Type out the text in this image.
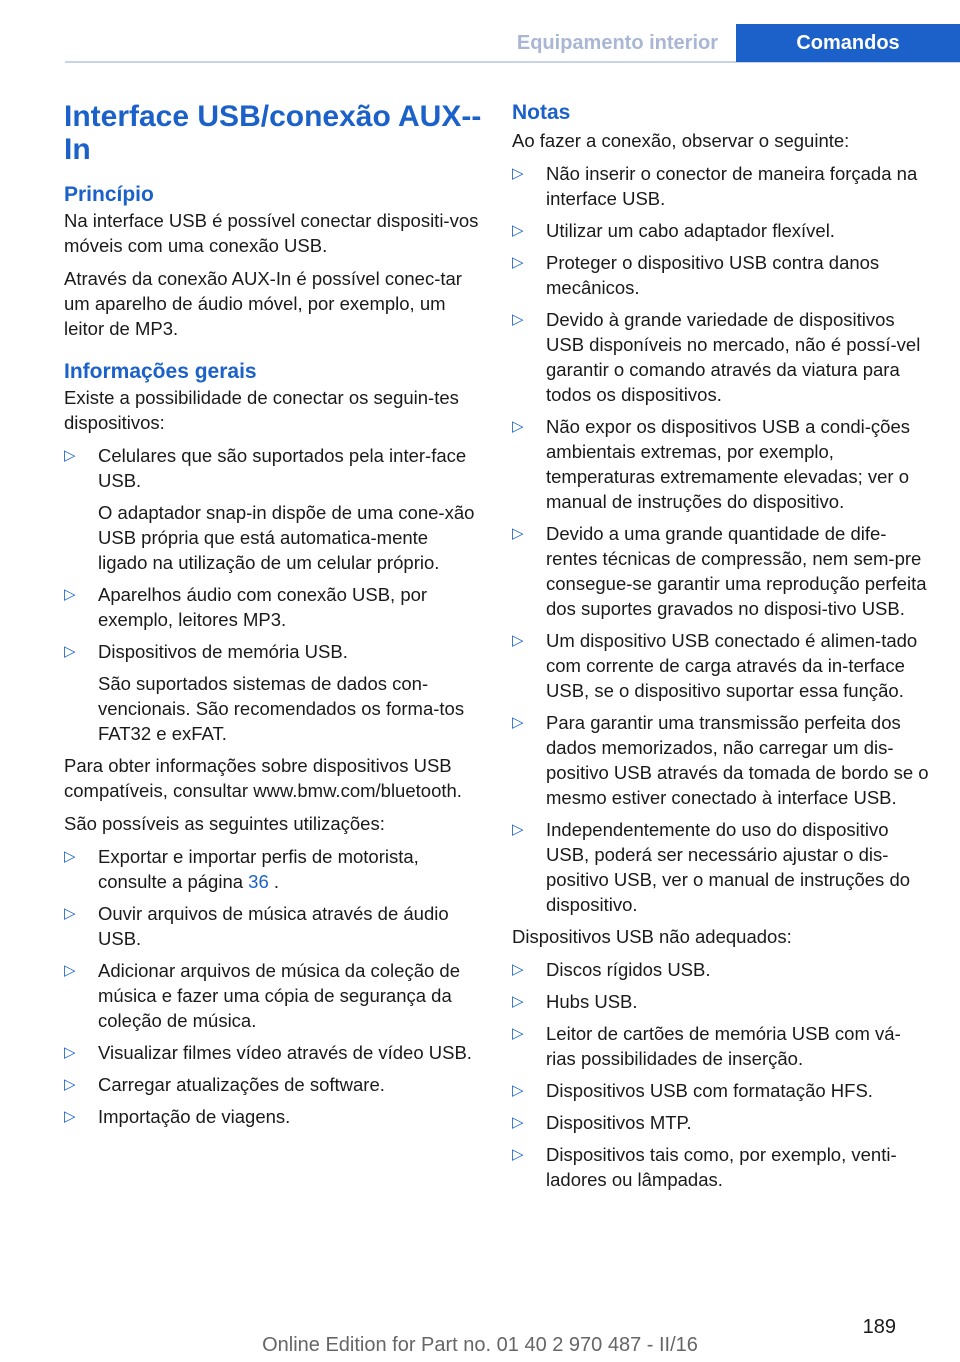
Equipamento interior	Comandos
Interface USB/conexão AUX--In
Princípio

Na interface USB é possível conectar dispositi‐vos móveis com uma conexão USB.

Através da conexão AUX-In é possível conec‐tar um aparelho de áudio móvel, por exemplo, um leitor de MP3.

Informações gerais

Existe a possibilidade de conectar os seguin‐tes dispositivos:

▷ Celulares que são suportados pela inter‐face USB.
O adaptador snap-in dispõe de uma cone‐xão USB própria que está automatica‐mente ligado na utilização de um celular próprio.
▷ Aparelhos áudio com conexão USB, por exemplo, leitores MP3.
▷ Dispositivos de memória USB.
São suportados sistemas de dados con‐vencionais. São recomendados os forma‐tos FAT32 e exFAT.

Para obter informações sobre dispositivos USB compatíveis, consultar www.bmw.com/bluetooth.

São possíveis as seguintes utilizações:

▷ Exportar e importar perfis de motorista, consulte a página 36 .
▷ Ouvir arquivos de música através de áudio USB.
▷ Adicionar arquivos de música da coleção de música e fazer uma cópia de segurança da coleção de música.
▷ Visualizar filmes vídeo através de vídeo USB.
▷ Carregar atualizações de software.
▷ Importação de viagens.
Notas

Ao fazer a conexão, observar o seguinte:

▷ Não inserir o conector de maneira forçada na interface USB.
▷ Utilizar um cabo adaptador flexível.
▷ Proteger o dispositivo USB contra danos mecânicos.
▷ Devido à grande variedade de dispositivos USB disponíveis no mercado, não é possí‐vel garantir o comando através da viatura para todos os dispositivos.
▷ Não expor os dispositivos USB a condi‐ções ambientais extremas, por exemplo, temperaturas extremamente elevadas; ver o manual de instruções do dispositivo.
▷ Devido a uma grande quantidade de dife‐rentes técnicas de compressão, nem sem‐pre consegue-se garantir uma reprodução perfeita dos suportes gravados no disposi‐tivo USB.
▷ Um dispositivo USB conectado é alimen‐tado com corrente de carga através da in‐terface USB, se o dispositivo suportar essa função.
▷ Para garantir uma transmissão perfeita dos dados memorizados, não carregar um dis‐positivo USB através da tomada de bordo se o mesmo estiver conectado à interface USB.
▷ Independentemente do uso do dispositivo USB, poderá ser necessário ajustar o dis‐positivo USB, ver o manual de instruções do dispositivo.

Dispositivos USB não adequados:

▷ Discos rígidos USB.
▷ Hubs USB.
▷ Leitor de cartões de memória USB com vá‐rias possibilidades de inserção.
▷ Dispositivos USB com formatação HFS.
▷ Dispositivos MTP.
▷ Dispositivos tais como, por exemplo, venti‐ladores ou lâmpadas.
189
Online Edition for Part no. 01 40 2 970 487 - II/16
